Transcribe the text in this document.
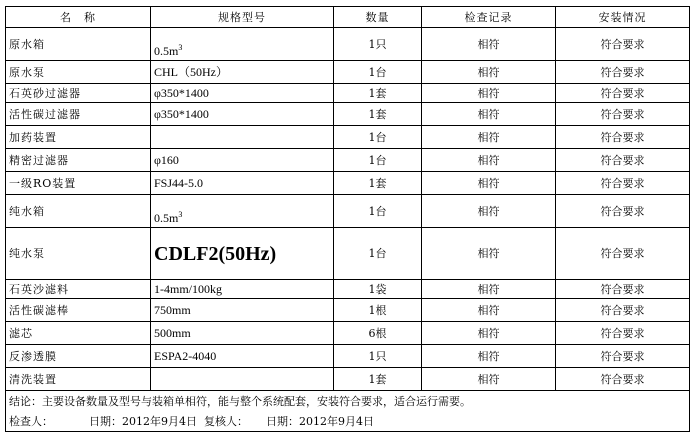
名　称	规格型号	数量	检查记录	安装情况
原水箱	$0.5m^3$	1只	相符	符合要求
原水泵	CHL（50Hz）	1台	相符	符合要求
石英砂过滤器	φ350*1400	1套	相符	符合要求
活性碳过滤器	φ350*1400	1套	相符	符合要求
加药装置		1台	相符	符合要求
精密过滤器	φ160	1台	相符	符合要求
一级RO装置	FSJ44-5.0	1套	相符	符合要求
纯水箱	$0.5m^3$	1台	相符	符合要求
纯水泵	CDLF2(50Hz)	1台	相符	符合要求
石英沙滤料	1-4mm/100kg	1袋	相符	符合要求
活性碳滤棒	750mm	1根	相符	符合要求
滤芯	500mm	6根	相符	符合要求
反渗透膜	ESPA2-4040	1只	相符	符合要求
清洗装置		1套	相符	符合要求
结论：主要设备数量及型号与装箱单相符，能与整个系统配套，安装符合要求，适合运行需要。				
检查人： 日期：2012年9月4日 复核人： 日期：2012年9月4日				
